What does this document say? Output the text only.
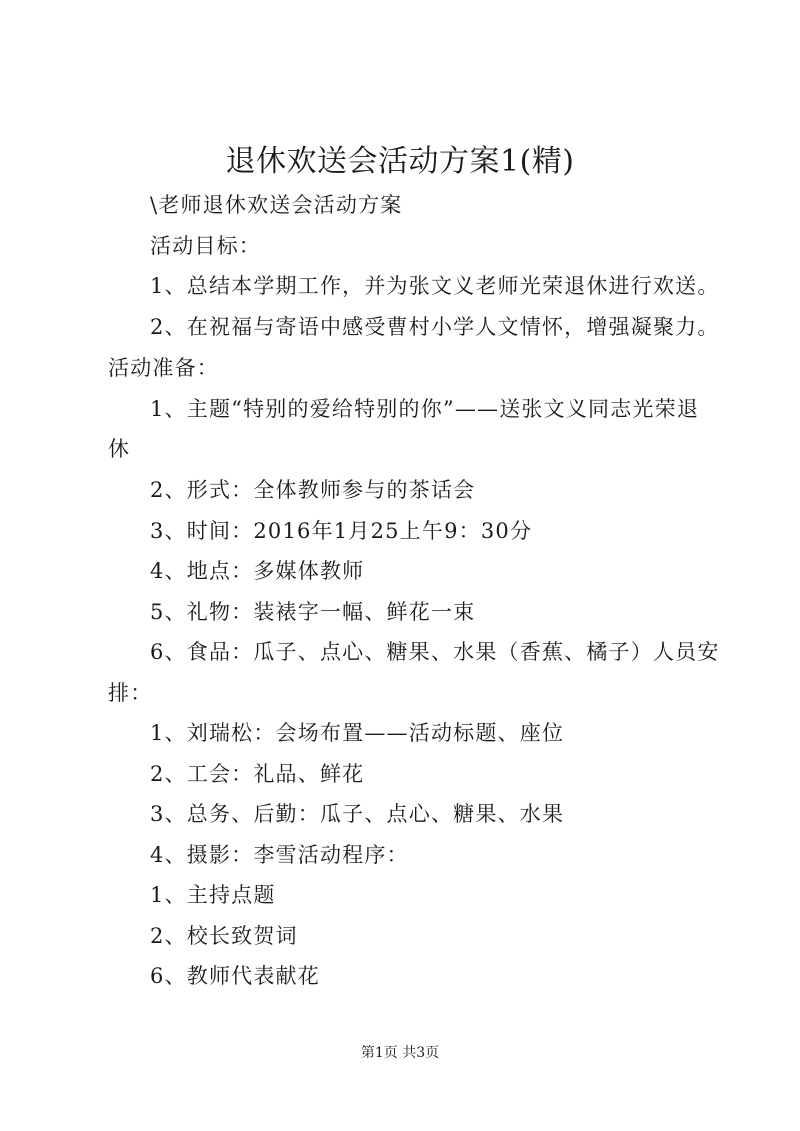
退休欢送会活动方案1(精)
\老师退休欢送会活动方案
活动目标：
1、总结本学期工作，并为张文义老师光荣退休进行欢送。
2、在祝福与寄语中感受曹村小学人文情怀，增强凝聚力。
活动准备：
1、主题“特别的爱给特别的你”——送张文义同志光荣退
休
2、形式：全体教师参与的茶话会
3、时间：2016年1月25上午9：30分
4、地点：多媒体教师
5、礼物：装裱字一幅、鲜花一束
6、食品：瓜子、点心、糖果、水果（香蕉、橘子）人员安
排：
1、刘瑞松：会场布置——活动标题、座位
2、工会：礼品、鲜花
3、总务、后勤：瓜子、点心、糖果、水果
4、摄影：李雪活动程序：
1、主持点题
2、校长致贺词
6、教师代表献花
第1页 共3页
